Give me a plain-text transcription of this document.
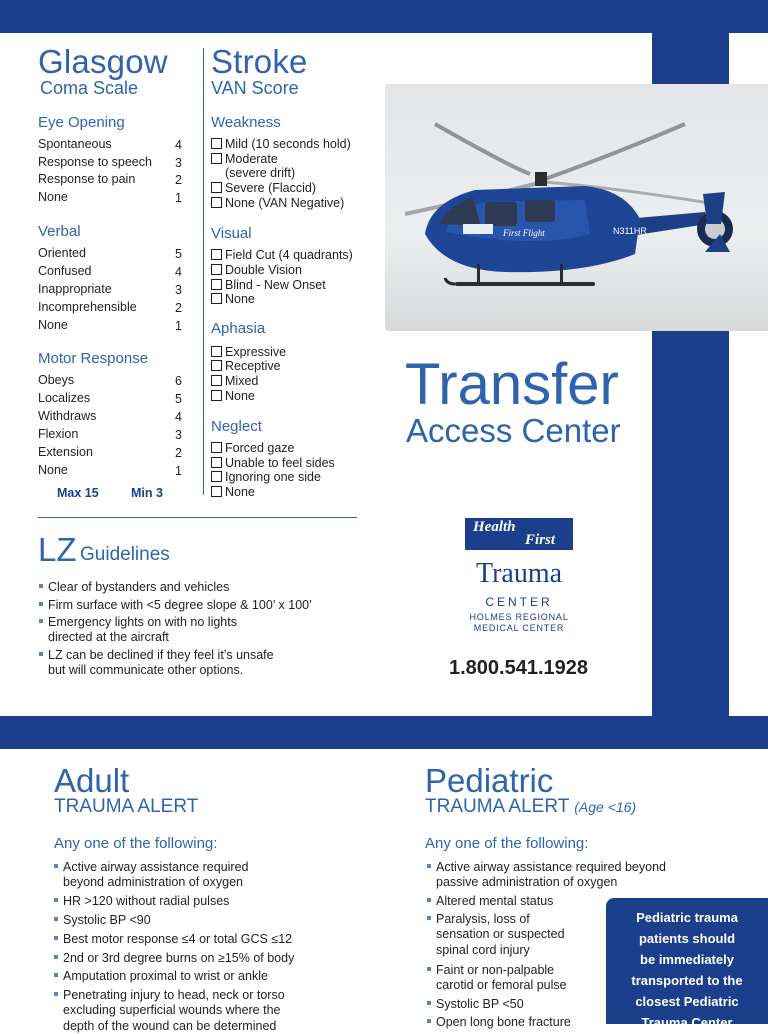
Glasgow
Coma Scale
Eye Opening
Spontaneous	4
Response to speech	3
Response to pain	2
None	1
Verbal
Oriented	5
Confused	4
Inappropriate	3
Incomprehensible	2
None	1
Motor Response
Obeys	6
Localizes	5
Withdraws	4
Flexion	3
Extension	2
None	1
Max 15	Min 3
Stroke
VAN Score
Weakness
Mild (10 seconds hold)
Moderate
(severe drift)
Severe (Flaccid)
None (VAN Negative)
Visual
Field Cut (4 quadrants)
Double Vision
Blind - New Onset
None
Aphasia
Expressive
Receptive
Mixed
None
Neglect
Forced gaze
Unable to feel sides
Ignoring one side
None
LZ Guidelines
Clear of bystanders and vehicles
Firm surface with <5 degree slope & 100’ x 100’
Emergency lights on with no lights
directed at the aircraft
LZ can be declined if they feel it’s unsafe
but will communicate other options.
First Flight	N311HR
Transfer
Access Center
Health
First
Trauma
CENTER
HOLMES REGIONAL
MEDICAL CENTER
1.800.541.1928
Adult
TRAUMA ALERT
Any one of the following:
Active airway assistance required
beyond administration of oxygen
HR >120 without radial pulses
Systolic BP <90
Best motor response ≤4 or total GCS ≤12
2nd or 3rd degree burns on ≥15% of body
Amputation proximal to wrist or ankle
Penetrating injury to head, neck or torso
excluding superficial wounds where the
depth of the wound can be determined
Pediatric
TRAUMA ALERT (Age <16)
Any one of the following:
Active airway assistance required beyond
passive administration of oxygen
Altered mental status
Paralysis, loss of
sensation or suspected
spinal cord injury
Faint or non-palpable
carotid or femoral pulse
Systolic BP <50
Open long bone fracture
Pediatric trauma
patients should
be immediately
transported to the
closest Pediatric
Trauma Center
